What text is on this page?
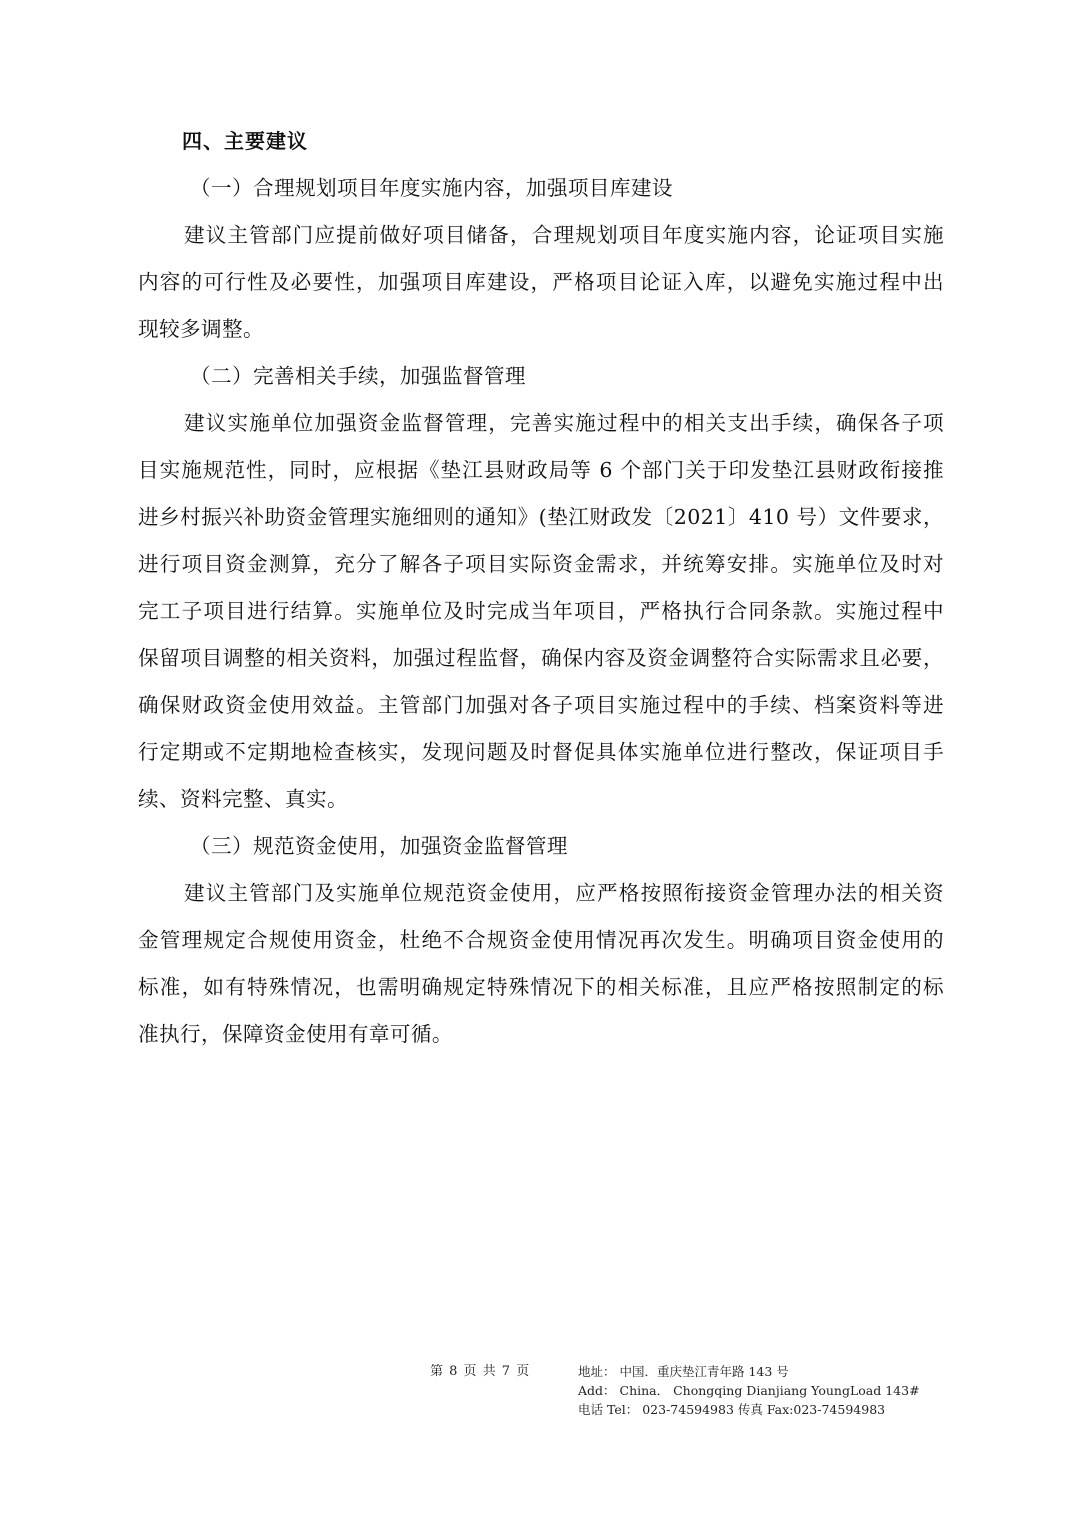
四、主要建议
（一）合理规划项目年度实施内容，加强项目库建设
建议主管部门应提前做好项目储备，合理规划项目年度实施内容，论证项目实施
内容的可行性及必要性，加强项目库建设，严格项目论证入库，以避免实施过程中出
现较多调整。
（二）完善相关手续，加强监督管理
建议实施单位加强资金监督管理，完善实施过程中的相关支出手续，确保各子项
目实施规范性，同时，应根据《垫江县财政局等 6 个部门关于印发垫江县财政衔接推
进乡村振兴补助资金管理实施细则的通知》(垫江财政发〔2021〕410 号）文件要求，
进行项目资金测算，充分了解各子项目实际资金需求，并统筹安排。实施单位及时对
完工子项目进行结算。实施单位及时完成当年项目，严格执行合同条款。实施过程中
保留项目调整的相关资料，加强过程监督，确保内容及资金调整符合实际需求且必要，
确保财政资金使用效益。主管部门加强对各子项目实施过程中的手续、档案资料等进
行定期或不定期地检查核实，发现问题及时督促具体实施单位进行整改，保证项目手
续、资料完整、真实。
（三）规范资金使用，加强资金监督管理
建议主管部门及实施单位规范资金使用，应严格按照衔接资金管理办法的相关资
金管理规定合规使用资金，杜绝不合规资金使用情况再次发生。明确项目资金使用的
标准，如有特殊情况，也需明确规定特殊情况下的相关标准，且应严格按照制定的标
准执行，保障资金使用有章可循。
第 8 页 共 7 页	地址： 中国．重庆垫江青年路 143 号
Add： China． Chongqing Dianjiang YoungLoad 143#
电话 Tel： 023-74594983 传真 Fax:023-74594983
